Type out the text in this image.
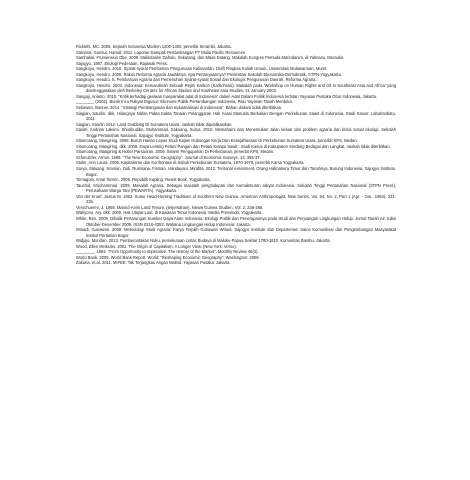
Ricklefs, MC. 2005. Sejarah Indonesia Modern 1200-1400, penerbit Serambi, Jakarta.

Samana, Gumtur, Hamid, 2011. Laporan Dampak Pertambangan PT Mulia Pacific Resources

Samhakai, Frumensius Obe. 2009. Malindanim Dahulu, Sekarang, dan Masa Datang. Makalah Kongres Pemuda Marindanim, di Yalmasu, Merauke.

Sajogyo. 1987. Ekologi Pedesaan. Rajawali Press.

Sangkoyo, Hendro. 2010. Syarat-syarat Pemberian Pengurusan Kalimantan. Draft Ringkas Kuliah Umum, Universitas Mulawarman, Muret.

Sangkoyo, Hendro. 2008. Rakus Reforma Agraria Jawabnya, Apa Pertanyaannya? Presentasi Sekolah Ekonomika-Demokratik, STPN-Yogyakarta.

Sangkoyo, Hendro. tt. Pembaruan Agraria dan Pemenuhan Syarat-syarat Sosial dan Ekologis Pengurusan Daerah. Reforma Agraria.

Sangkoyo, Hendro. 2003. Indonesia: Kemandirian Sebuah Rejim Karbon (Karbohrasi). Makalah pada 'Workshop on Human Rights and Oil in Southeast Asia and Africa' yang diselenggarakan oleh Berkeley Centers for African Studies and Southeast Asia Studies, 31 January 2003.

Sangaji, Arianto. 2010. "Kritik terhadap gerakan masyarakat adat di Indonesia" dalam Adat Dalam Politik Indonesia terbitan Yayasan Pustaka Obor Indonesia, Jakarta.

________ (2002). Buruk Inco Rakyat Digusur: Ekonomi Politik Pertambangan Indonesia, Palu Yayasan Tanah Merdeka.

Setiawan, Bonnie, 2014. "Strategi Pembangunan dan Industrialisasi di Indonesia". Bahan diskusi tidak diterbitkan.

Siagian, Saurlin. dkk, Hilangnya Nafas Pakta Kakta Tanaan Pelanggaran Hak Asasi Manusia Berkaitan Dengan Perkebunan Sawit di Indonesia, Studi Kasus: Labuhanbatu, 2011

Siagian, Saurlin 2012. Land Grabbing Di Sumatera Utara, naskah tidak dipublikasikan.

Savitri, Andrian Laksmi. Shoribuddin, Muhammad. Sakuang, Surya. 2010. Memahami dan Menemukan Jalan keluar dari problem agraria dan krisis sosial ekologi. Sekolah Tinggi Pertanahan Nasional. Sajogyo Institute, Yogyakarta.

Situmorang, Mangiring. 2008. Buruh Harian Lepas Studi Kajian Hubungan Kerja Dan Kesejahteraan Di Perkebunan Sumatera Utara, penerbit KPS, Medan.

Situmorang, Mangiring. dkk, 2009. Daya Lenting Petani Pangan dan Petani Kelapa Sawit : Studi Kasus di Kabupaten Serdang Bedagai dan Langkat, naskah tidak diterbitkan.

Situmorang, Mangiring & Hotler Parsaoran. 2009. Sistem Pengupahan Di Perkebunan, penerbit KPS, Medan.

Schmutzler, Armin. 1999. "The New Economic Geography". Journal of Economic Surveys. 13: 355-37.

Stoler, Ann Laura. 2005. Kapitalisme dan Konfrontasi di Sabuk Perkebunan Sumatera, 1870-1979, penerbit Karsa Yogyakarta.

Surya, Saluang. Novrian, Didi. Rusmana, Fisman. Handayani, Mirafita. 2012. Teritorial Assesment, Orang Halmahera Timur dan Tanahnya. Burung Indonesia, Sajogyo Institute, Bogor.

Tomagola, Amal Tamrin. 2006. Republik Kapling. Resist Book. Yogyakarta.

Tauchid, Mochammad. 2009. Masalah Agraria, Sebagai masalah penghidupan dan Kemakmuran rakyat Indonesia. Sekolah Tinggi Pertanahan Nasional (STPN Press), Perusahaan Warga Tani (PEWARTA). Yogyakarta.

Van der Kroef, Justus M. 1952. Some Head-Hunting Traditions of Southern New Guinea. American Anthropologist, New Series, Vol. 54, No. 2, Part 1 (Apr. - Jun., 1952), 221-235.

Verschueren, J. 1958. Marind-Anim Land Tenure. (terjemahan). Nieuw Guinea Studien, Vol. 2, 246-265.

Wahyono, Ary. dkk. 2000. Hak Ulayat Laut, di Kawasan Timur Indonesia. Media Pressindo, Yogyakarta.

White, Ben. 2009. Dibalik Pertarungan Sumber Daya Alam Indonesia: Ekologi Politik dan Penerapannya pada Studi dan Perjuangan Lingkungan Hidup. Jurnal Tanah Air. Edisi Oktober-Desember 2009. ISSN 0216-4353. Wahana Lingkungan Hidup Indonesia: Jakarta.

Winadi, Gunawan. 2009. Metodologi Studi Agraria: Karya Terpilih Gunawan Wiradi, Sajogyo Institute dan Departemen Sains Komunikasi dan Pengembangan Masyarakat Institut Pertanian Bogor.

Widjojo, Muridan. 2013. Pemberontakan Nuku, persekutuan Lintas Budaya di Maluku-Papua Sekitar 1780-1810. Komunitas Bambu. Jakarta.

Wood, Ellen Meiksins. 2002. The Origin of Capitalism: A Longer View. (New York: Verso).

________, 1994. "From Opportunity to Imperative: The History of the Market". Monthly Review 46(3).

World Bank. 2009. World Bank Report. World: "Reshaping Economic Geography". Washington: 2009.

Zakaria, et.al. 2011. MIFEE: Tak Terjangkau Angan Malind. Yayasan Pusaka: Jakarta.
